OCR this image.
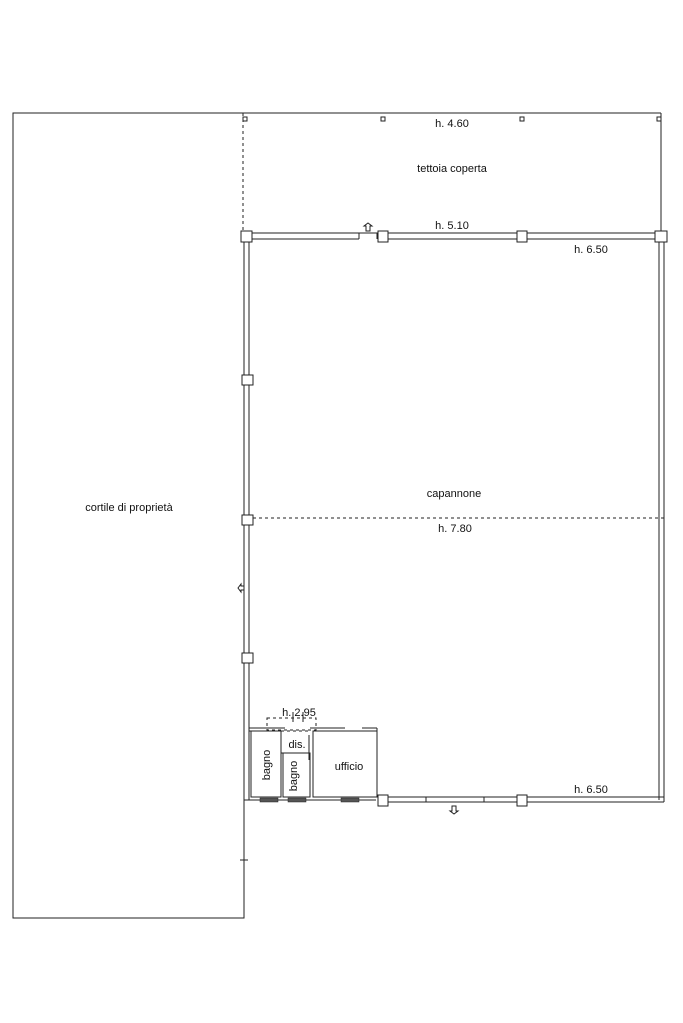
cortile di proprietà
tettoia coperta
capannone
ufficio
bagno bagno
dis.
h. 4.60
h. 5.10
h. 6.50
h. 7.80
h. 6.50
h. 2.95
